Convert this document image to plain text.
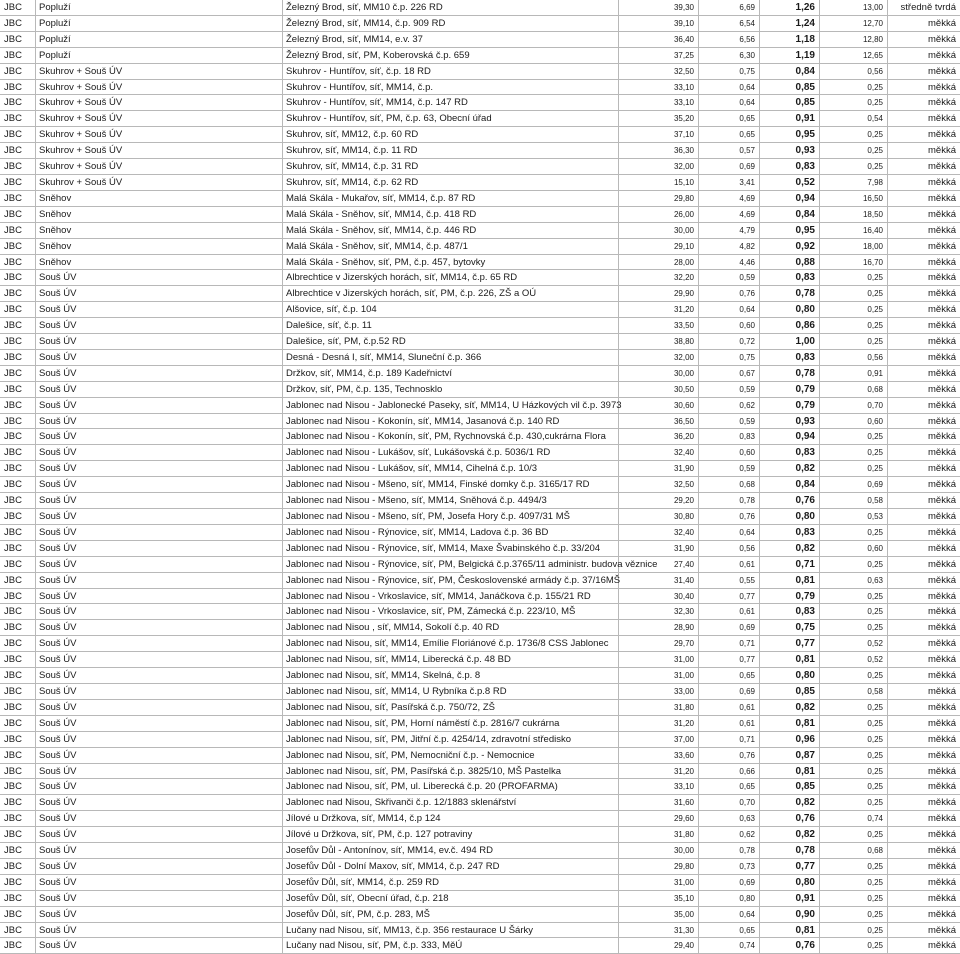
JBC	Popluží	Železný Brod, síť, MM10 č.p. 226 RD	39,30	6,69	1,26	13,00	středně tvrdá
JBC	Popluží	Železný Brod, síť, MM14, č.p. 909 RD	39,10	6,54	1,24	12,70	měkká
JBC	Popluží	Železný Brod, síť, MM14, e.v. 37	36,40	6,56	1,18	12,80	měkká
JBC	Popluží	Železný Brod, síť, PM, Koberovská č.p. 659	37,25	6,30	1,19	12,65	měkká
JBC	Skuhrov + Souš ÚV	Skuhrov - Huntířov, síť, č.p. 18 RD	32,50	0,75	0,84	0,56	měkká
JBC	Skuhrov + Souš ÚV	Skuhrov - Huntířov, síť, MM14, č.p.	33,10	0,64	0,85	0,25	měkká
JBC	Skuhrov + Souš ÚV	Skuhrov - Huntířov, síť, MM14, č.p. 147 RD	33,10	0,64	0,85	0,25	měkká
JBC	Skuhrov + Souš ÚV	Skuhrov - Huntířov, síť, PM, č.p. 63, Obecní úřad	35,20	0,65	0,91	0,54	měkká
JBC	Skuhrov + Souš ÚV	Skuhrov, síť, MM12, č.p. 60 RD	37,10	0,65	0,95	0,25	měkká
JBC	Skuhrov + Souš ÚV	Skuhrov, síť, MM14, č.p. 11 RD	36,30	0,57	0,93	0,25	měkká
JBC	Skuhrov + Souš ÚV	Skuhrov, síť, MM14, č.p. 31 RD	32,00	0,69	0,83	0,25	měkká
JBC	Skuhrov + Souš ÚV	Skuhrov, síť, MM14, č.p. 62 RD	15,10	3,41	0,52	7,98	měkká
JBC	Sněhov	Malá Skála - Mukařov, síť, MM14, č.p. 87 RD	29,80	4,69	0,94	16,50	měkká
JBC	Sněhov	Malá Skála - Sněhov, síť, MM14, č.p. 418 RD	26,00	4,69	0,84	18,50	měkká
JBC	Sněhov	Malá Skála - Sněhov, síť, MM14, č.p. 446 RD	30,00	4,79	0,95	16,40	měkká
JBC	Sněhov	Malá Skála - Sněhov, síť, MM14, č.p. 487/1	29,10	4,82	0,92	18,00	měkká
JBC	Sněhov	Malá Skála - Sněhov, síť, PM, č.p. 457, bytovky	28,00	4,46	0,88	16,70	měkká
JBC	Souš ÚV	Albrechtice v Jizerských horách, síť, MM14, č.p. 65 RD	32,20	0,59	0,83	0,25	měkká
JBC	Souš ÚV	Albrechtice v Jizerských horách, síť, PM, č.p. 226, ZŠ a OÚ	29,90	0,76	0,78	0,25	měkká
JBC	Souš ÚV	Alšovice, síť, č.p. 104	31,20	0,64	0,80	0,25	měkká
JBC	Souš ÚV	Dalešice, síť, č.p. 11	33,50	0,60	0,86	0,25	měkká
JBC	Souš ÚV	Dalešice, síť, PM, č.p.52 RD	38,80	0,72	1,00	0,25	měkká
JBC	Souš ÚV	Desná - Desná I, síť, MM14, Sluneční č.p. 366	32,00	0,75	0,83	0,56	měkká
JBC	Souš ÚV	Držkov, síť, MM14, č.p. 189 Kadeřnictví	30,00	0,67	0,78	0,91	měkká
JBC	Souš ÚV	Držkov, síť, PM, č.p. 135, Technosklo	30,50	0,59	0,79	0,68	měkká
JBC	Souš ÚV	Jablonec nad Nisou - Jablonecké Paseky, síť, MM14, U Házkových vil č.p. 3973	30,60	0,62	0,79	0,70	měkká
JBC	Souš ÚV	Jablonec nad Nisou - Kokonín, síť, MM14, Jasanová č.p. 140 RD	36,50	0,59	0,93	0,60	měkká
JBC	Souš ÚV	Jablonec nad Nisou - Kokonín, síť, PM, Rychnovská č.p. 430,cukrárna Flora	36,20	0,83	0,94	0,25	měkká
JBC	Souš ÚV	Jablonec nad Nisou - Lukášov, síť, Lukášovská č.p. 5036/1 RD	32,40	0,60	0,83	0,25	měkká
JBC	Souš ÚV	Jablonec nad Nisou - Lukášov, síť, MM14, Cihelná č.p. 10/3	31,90	0,59	0,82	0,25	měkká
JBC	Souš ÚV	Jablonec nad Nisou - Mšeno, síť, MM14, Finské domky č.p. 3165/17 RD	32,50	0,68	0,84	0,69	měkká
JBC	Souš ÚV	Jablonec nad Nisou - Mšeno, síť, MM14, Sněhová č.p. 4494/3	29,20	0,78	0,76	0,58	měkká
JBC	Souš ÚV	Jablonec nad Nisou - Mšeno, síť, PM, Josefa Hory č.p. 4097/31 MŠ	30,80	0,76	0,80	0,53	měkká
JBC	Souš ÚV	Jablonec nad Nisou - Rýnovice, síť, MM14, Ladova č.p. 36 BD	32,40	0,64	0,83	0,25	měkká
JBC	Souš ÚV	Jablonec nad Nisou - Rýnovice, síť, MM14, Maxe Švabinského č.p. 33/204	31,90	0,56	0,82	0,60	měkká
JBC	Souš ÚV	Jablonec nad Nisou - Rýnovice, síť, PM, Belgická č.p.3765/11 administr. budova věznice	27,40	0,61	0,71	0,25	měkká
JBC	Souš ÚV	Jablonec nad Nisou - Rýnovice, síť, PM, Československé armády č.p. 37/16MŠ	31,40	0,55	0,81	0,63	měkká
JBC	Souš ÚV	Jablonec nad Nisou - Vrkoslavice, síť, MM14, Janáčkova č.p. 155/21 RD	30,40	0,77	0,79	0,25	měkká
JBC	Souš ÚV	Jablonec nad Nisou - Vrkoslavice, síť, PM, Zámecká č.p. 223/10, MŠ	32,30	0,61	0,83	0,25	měkká
JBC	Souš ÚV	Jablonec nad Nisou , síť, MM14, Sokolí č.p. 40 RD	28,90	0,69	0,75	0,25	měkká
JBC	Souš ÚV	Jablonec nad Nisou, síť, MM14, Emílie Floriánové č.p. 1736/8 CSS Jablonec	29,70	0,71	0,77	0,52	měkká
JBC	Souš ÚV	Jablonec nad Nisou, síť, MM14, Liberecká č.p. 48 BD	31,00	0,77	0,81	0,52	měkká
JBC	Souš ÚV	Jablonec nad Nisou, síť, MM14, Skelná, č.p. 8	31,00	0,65	0,80	0,25	měkká
JBC	Souš ÚV	Jablonec nad Nisou, síť, MM14, U Rybníka č.p.8 RD	33,00	0,69	0,85	0,58	měkká
JBC	Souš ÚV	Jablonec nad Nisou, síť, Pasířská č.p. 750/72, ZŠ	31,80	0,61	0,82	0,25	měkká
JBC	Souš ÚV	Jablonec nad Nisou, síť, PM, Horní náměstí č.p. 2816/7 cukrárna	31,20	0,61	0,81	0,25	měkká
JBC	Souš ÚV	Jablonec nad Nisou, síť, PM, Jitřní č.p. 4254/14, zdravotní středisko	37,00	0,71	0,96	0,25	měkká
JBC	Souš ÚV	Jablonec nad Nisou, síť, PM, Nemocniční č.p. - Nemocnice	33,60	0,76	0,87	0,25	měkká
JBC	Souš ÚV	Jablonec nad Nisou, síť, PM, Pasířská č.p. 3825/10, MŠ Pastelka	31,20	0,66	0,81	0,25	měkká
JBC	Souš ÚV	Jablonec nad Nisou, síť, PM, ul. Liberecká č.p. 20 (PROFARMA)	33,10	0,65	0,85	0,25	měkká
JBC	Souš ÚV	Jablonec nad Nisou, Skřivanči č.p. 12/1883 sklenářství	31,60	0,70	0,82	0,25	měkká
JBC	Souš ÚV	Jílové u Držkova, síť, MM14, č.p 124	29,60	0,63	0,76	0,74	měkká
JBC	Souš ÚV	Jílové u Držkova, síť, PM, č.p. 127 potraviny	31,80	0,62	0,82	0,25	měkká
JBC	Souš ÚV	Josefův Důl - Antonínov, síť, MM14, ev.č. 494 RD	30,00	0,78	0,78	0,68	měkká
JBC	Souš ÚV	Josefův Důl - Dolní Maxov, síť, MM14, č.p. 247 RD	29,80	0,73	0,77	0,25	měkká
JBC	Souš ÚV	Josefův Důl, síť, MM14, č.p. 259 RD	31,00	0,69	0,80	0,25	měkká
JBC	Souš ÚV	Josefův Důl, síť, Obecní úřad, č.p. 218	35,10	0,80	0,91	0,25	měkká
JBC	Souš ÚV	Josefův Důl, síť, PM, č.p. 283, MŠ	35,00	0,64	0,90	0,25	měkká
JBC	Souš ÚV	Lučany nad Nisou, síť, MM13, č.p. 356 restaurace U Šárky	31,30	0,65	0,81	0,25	měkká
JBC	Souš ÚV	Lučany nad Nisou, síť, PM, č.p. 333, MěÚ	29,40	0,74	0,76	0,25	měkká
